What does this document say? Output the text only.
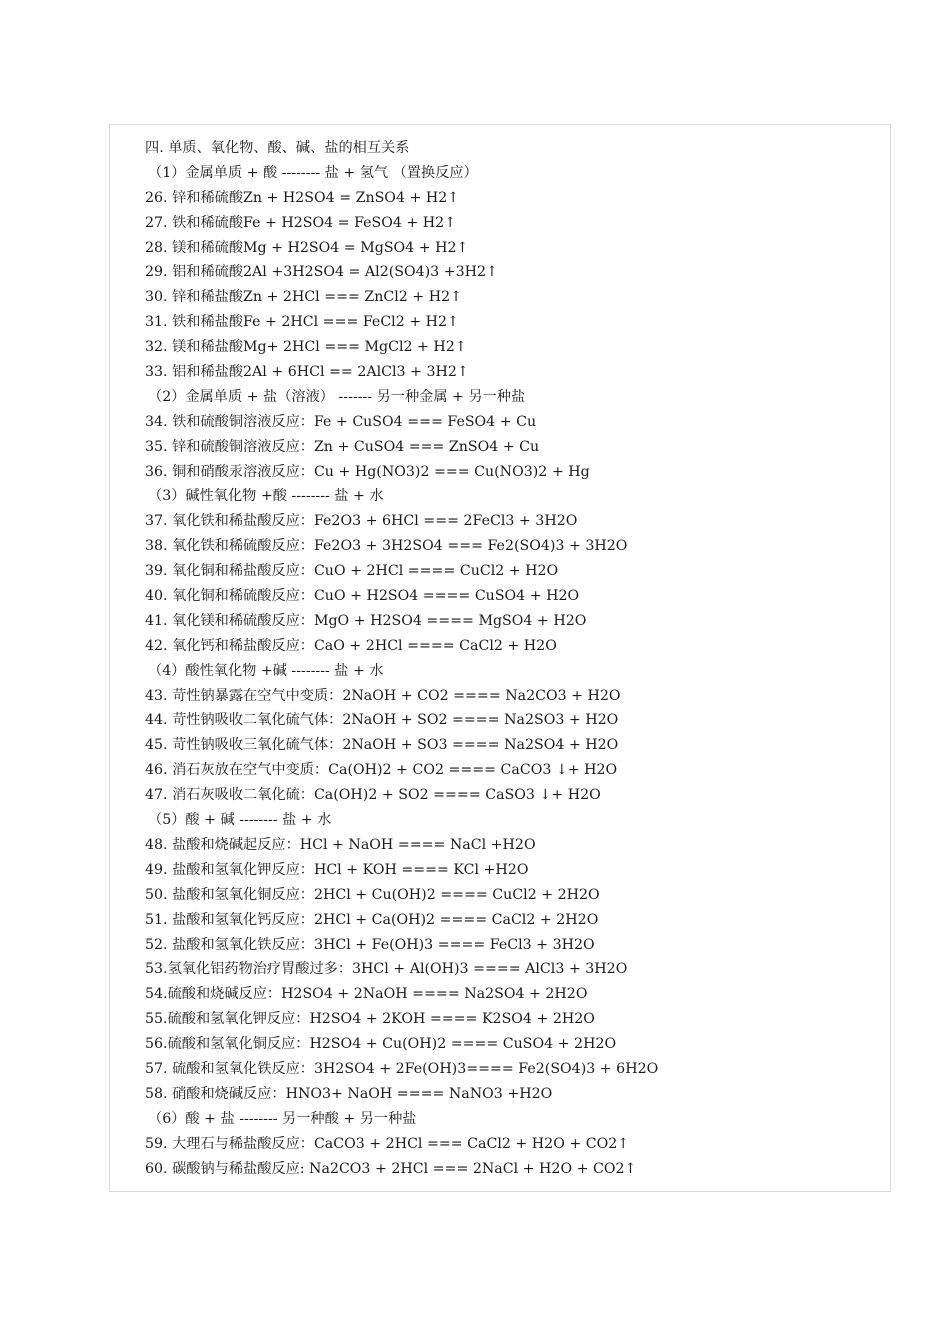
四. 单质、氧化物、酸、碱、盐的相互关系
（1）金属单质 + 酸 -------- 盐 + 氢气 （置换反应）
26. 锌和稀硫酸Zn + H2SO4 = ZnSO4 + H2↑
27. 铁和稀硫酸Fe + H2SO4 = FeSO4 + H2↑
28. 镁和稀硫酸Mg + H2SO4 = MgSO4 + H2↑
29. 铝和稀硫酸2Al +3H2SO4 = Al2(SO4)3 +3H2↑
30. 锌和稀盐酸Zn + 2HCl === ZnCl2 + H2↑
31. 铁和稀盐酸Fe + 2HCl === FeCl2 + H2↑
32. 镁和稀盐酸Mg+ 2HCl === MgCl2 + H2↑
33. 铝和稀盐酸2Al + 6HCl == 2AlCl3 + 3H2↑
（2）金属单质 + 盐（溶液） ------- 另一种金属 + 另一种盐
34. 铁和硫酸铜溶液反应：Fe + CuSO4 === FeSO4 + Cu
35. 锌和硫酸铜溶液反应：Zn + CuSO4 === ZnSO4 + Cu
36. 铜和硝酸汞溶液反应：Cu + Hg(NO3)2 === Cu(NO3)2 + Hg
（3）碱性氧化物 +酸 -------- 盐 + 水
37. 氧化铁和稀盐酸反应：Fe2O3 + 6HCl === 2FeCl3 + 3H2O
38. 氧化铁和稀硫酸反应：Fe2O3 + 3H2SO4 === Fe2(SO4)3 + 3H2O
39. 氧化铜和稀盐酸反应：CuO + 2HCl ==== CuCl2 + H2O
40. 氧化铜和稀硫酸反应：CuO + H2SO4 ==== CuSO4 + H2O
41. 氧化镁和稀硫酸反应：MgO + H2SO4 ==== MgSO4 + H2O
42. 氧化钙和稀盐酸反应：CaO + 2HCl ==== CaCl2 + H2O
（4）酸性氧化物 +碱 -------- 盐 + 水
43. 苛性钠暴露在空气中变质：2NaOH + CO2 ==== Na2CO3 + H2O
44. 苛性钠吸收二氧化硫气体：2NaOH + SO2 ==== Na2SO3 + H2O
45. 苛性钠吸收三氧化硫气体：2NaOH + SO3 ==== Na2SO4 + H2O
46. 消石灰放在空气中变质：Ca(OH)2 + CO2 ==== CaCO3 ↓+ H2O
47. 消石灰吸收二氧化硫：Ca(OH)2 + SO2 ==== CaSO3 ↓+ H2O
（5）酸 + 碱 -------- 盐 + 水
48. 盐酸和烧碱起反应：HCl + NaOH ==== NaCl +H2O
49. 盐酸和氢氧化钾反应：HCl + KOH ==== KCl +H2O
50. 盐酸和氢氧化铜反应：2HCl + Cu(OH)2 ==== CuCl2 + 2H2O
51. 盐酸和氢氧化钙反应：2HCl + Ca(OH)2 ==== CaCl2 + 2H2O
52. 盐酸和氢氧化铁反应：3HCl + Fe(OH)3 ==== FeCl3 + 3H2O
53.氢氧化铝药物治疗胃酸过多：3HCl + Al(OH)3 ==== AlCl3 + 3H2O
54.硫酸和烧碱反应：H2SO4 + 2NaOH ==== Na2SO4 + 2H2O
55.硫酸和氢氧化钾反应：H2SO4 + 2KOH ==== K2SO4 + 2H2O
56.硫酸和氢氧化铜反应：H2SO4 + Cu(OH)2 ==== CuSO4 + 2H2O
57. 硫酸和氢氧化铁反应：3H2SO4 + 2Fe(OH)3==== Fe2(SO4)3 + 6H2O
58. 硝酸和烧碱反应：HNO3+ NaOH ==== NaNO3 +H2O
（6）酸 + 盐 -------- 另一种酸 + 另一种盐
59. 大理石与稀盐酸反应：CaCO3 + 2HCl === CaCl2 + H2O + CO2↑
60. 碳酸钠与稀盐酸反应: Na2CO3 + 2HCl === 2NaCl + H2O + CO2↑
